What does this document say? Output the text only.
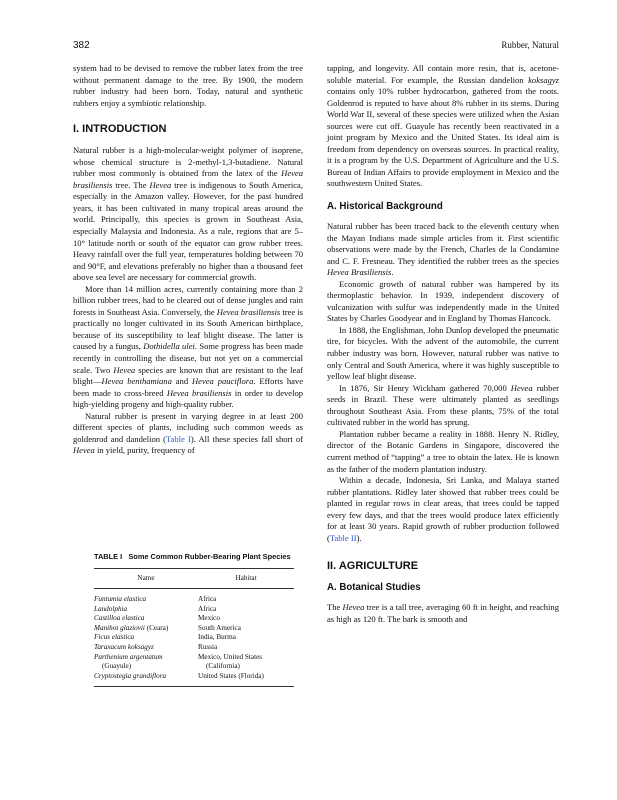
382	Rubber, Natural

system had to be devised to remove the rubber latex from the tree without permanent damage to the tree. By 1900, the modern rubber industry had been born. Today, natural and synthetic rubbers enjoy a symbiotic relationship.

I. INTRODUCTION

Natural rubber is a high-molecular-weight polymer of isoprene, whose chemical structure is 2-methyl-1,3-butadiene. Natural rubber most commonly is obtained from the latex of the Hevea brasiliensis tree. The Hevea tree is indigenous to South America, especially in the Amazon valley. However, for the past hundred years, it has been cultivated in many tropical areas around the world. Principally, this species is grown in Southeast Asia, especially Malaysia and Indonesia. As a rule, regions that are 5–10° latitude north or south of the equator can grow rubber trees. Heavy rainfall over the full year, temperatures holding between 70 and 90°F, and elevations preferably no higher than a thousand feet above sea level are necessary for commercial growth.

More than 14 million acres, currently containing more than 2 billion rubber trees, had to be cleared out of dense jungles and rain forests in Southeast Asia. Conversely, the Hevea brasiliensis tree is practically no longer cultivated in its South American birthplace, because of its susceptibility to leaf blight disease. The latter is caused by a fungus, Dothidella ulei. Some progress has been made recently in controlling the disease, but not yet on a commercial scale. Two Hevea species are known that are resistant to the leaf blight—Hevea benthamiana and Hevea pauciflora. Efforts have been made to cross-breed Hevea brasiliensis in order to develop high-yielding progeny and high-quality rubber.

Natural rubber is present in varying degree in at least 200 different species of plants, including such common weeds as goldenrod and dandelion (Table I). All these species fall short of Hevea in yield, purity, frequency of

TABLE I Some Common Rubber-Bearing Plant Species
Name	Habitat
Funtumia elastica	Africa
Landolphia	Africa
Castilloa elastica	Mexico
Manihot glaziovii (Ceara)	South America
Ficus elastica	India, Burma
Taraxacum koksagyz	Russia
Parthenium argentatum
(Guayule)	Mexico, United States
(California)

Cryptostegia grandiflora	United States (Florida)

tapping, and longevity. All contain more resin, that is, acetone-soluble material. For example, the Russian dandelion koksagyz contains only 10% rubber hydrocarbon, gathered from the roots. Goldenrod is reputed to have about 8% rubber in its stems. During World War II, several of these species were utilized when the Asian sources were cut off. Guayule has recently been reactivated in a joint program by Mexico and the United States. Its ideal aim is freedom from dependency on overseas sources. In practical reality, it is a program by the U.S. Department of Agriculture and the U.S. Bureau of Indian Affairs to provide employment in Mexico and the southwestern United States.

A. Historical Background

Natural rubber has been traced back to the eleventh century when the Mayan Indians made simple articles from it. First scientific observations were made by the French, Charles de la Condamine and C. F. Fresneau. They identified the rubber trees as the species Hevea Brasiliensis.

Economic growth of natural rubber was hampered by its thermoplastic behavior. In 1939, independent discovery of vulcanization with sulfur was independently made in the United States by Charles Goodyear and in England by Thomas Hancock.

In 1888, the Englishman, John Dunlop developed the pneumatic tire, for bicycles. With the advent of the automobile, the current rubber industry was born. However, natural rubber was native to only Central and South America, where it was highly susceptible to yellow leaf blight disease.

In 1876, Sir Henry Wickham gathered 70,000 Hevea rubber seeds in Brazil. These were ultimately planted as seedlings throughout Southeast Asia. From these plants, 75% of the total cultivated rubber in the world has sprung.

Plantation rubber became a reality in 1888. Henry N. Ridley, director of the Botanic Gardens in Singapore, discovered the current method of “tapping” a tree to obtain the latex. He is known as the father of the modern plantation industry.

Within a decade, Indonesia, Sri Lanka, and Malaya started rubber plantations. Ridley later showed that rubber trees could be planted in regular rows in clear areas, that trees could be tapped every few days, and that the trees would produce latex efficiently for at least 30 years. Rapid growth of rubber production followed (Table II).

II. AGRICULTURE
A. Botanical Studies

The Hevea tree is a tall tree, averaging 60 ft in height, and reaching as high as 120 ft. The bark is smooth and
